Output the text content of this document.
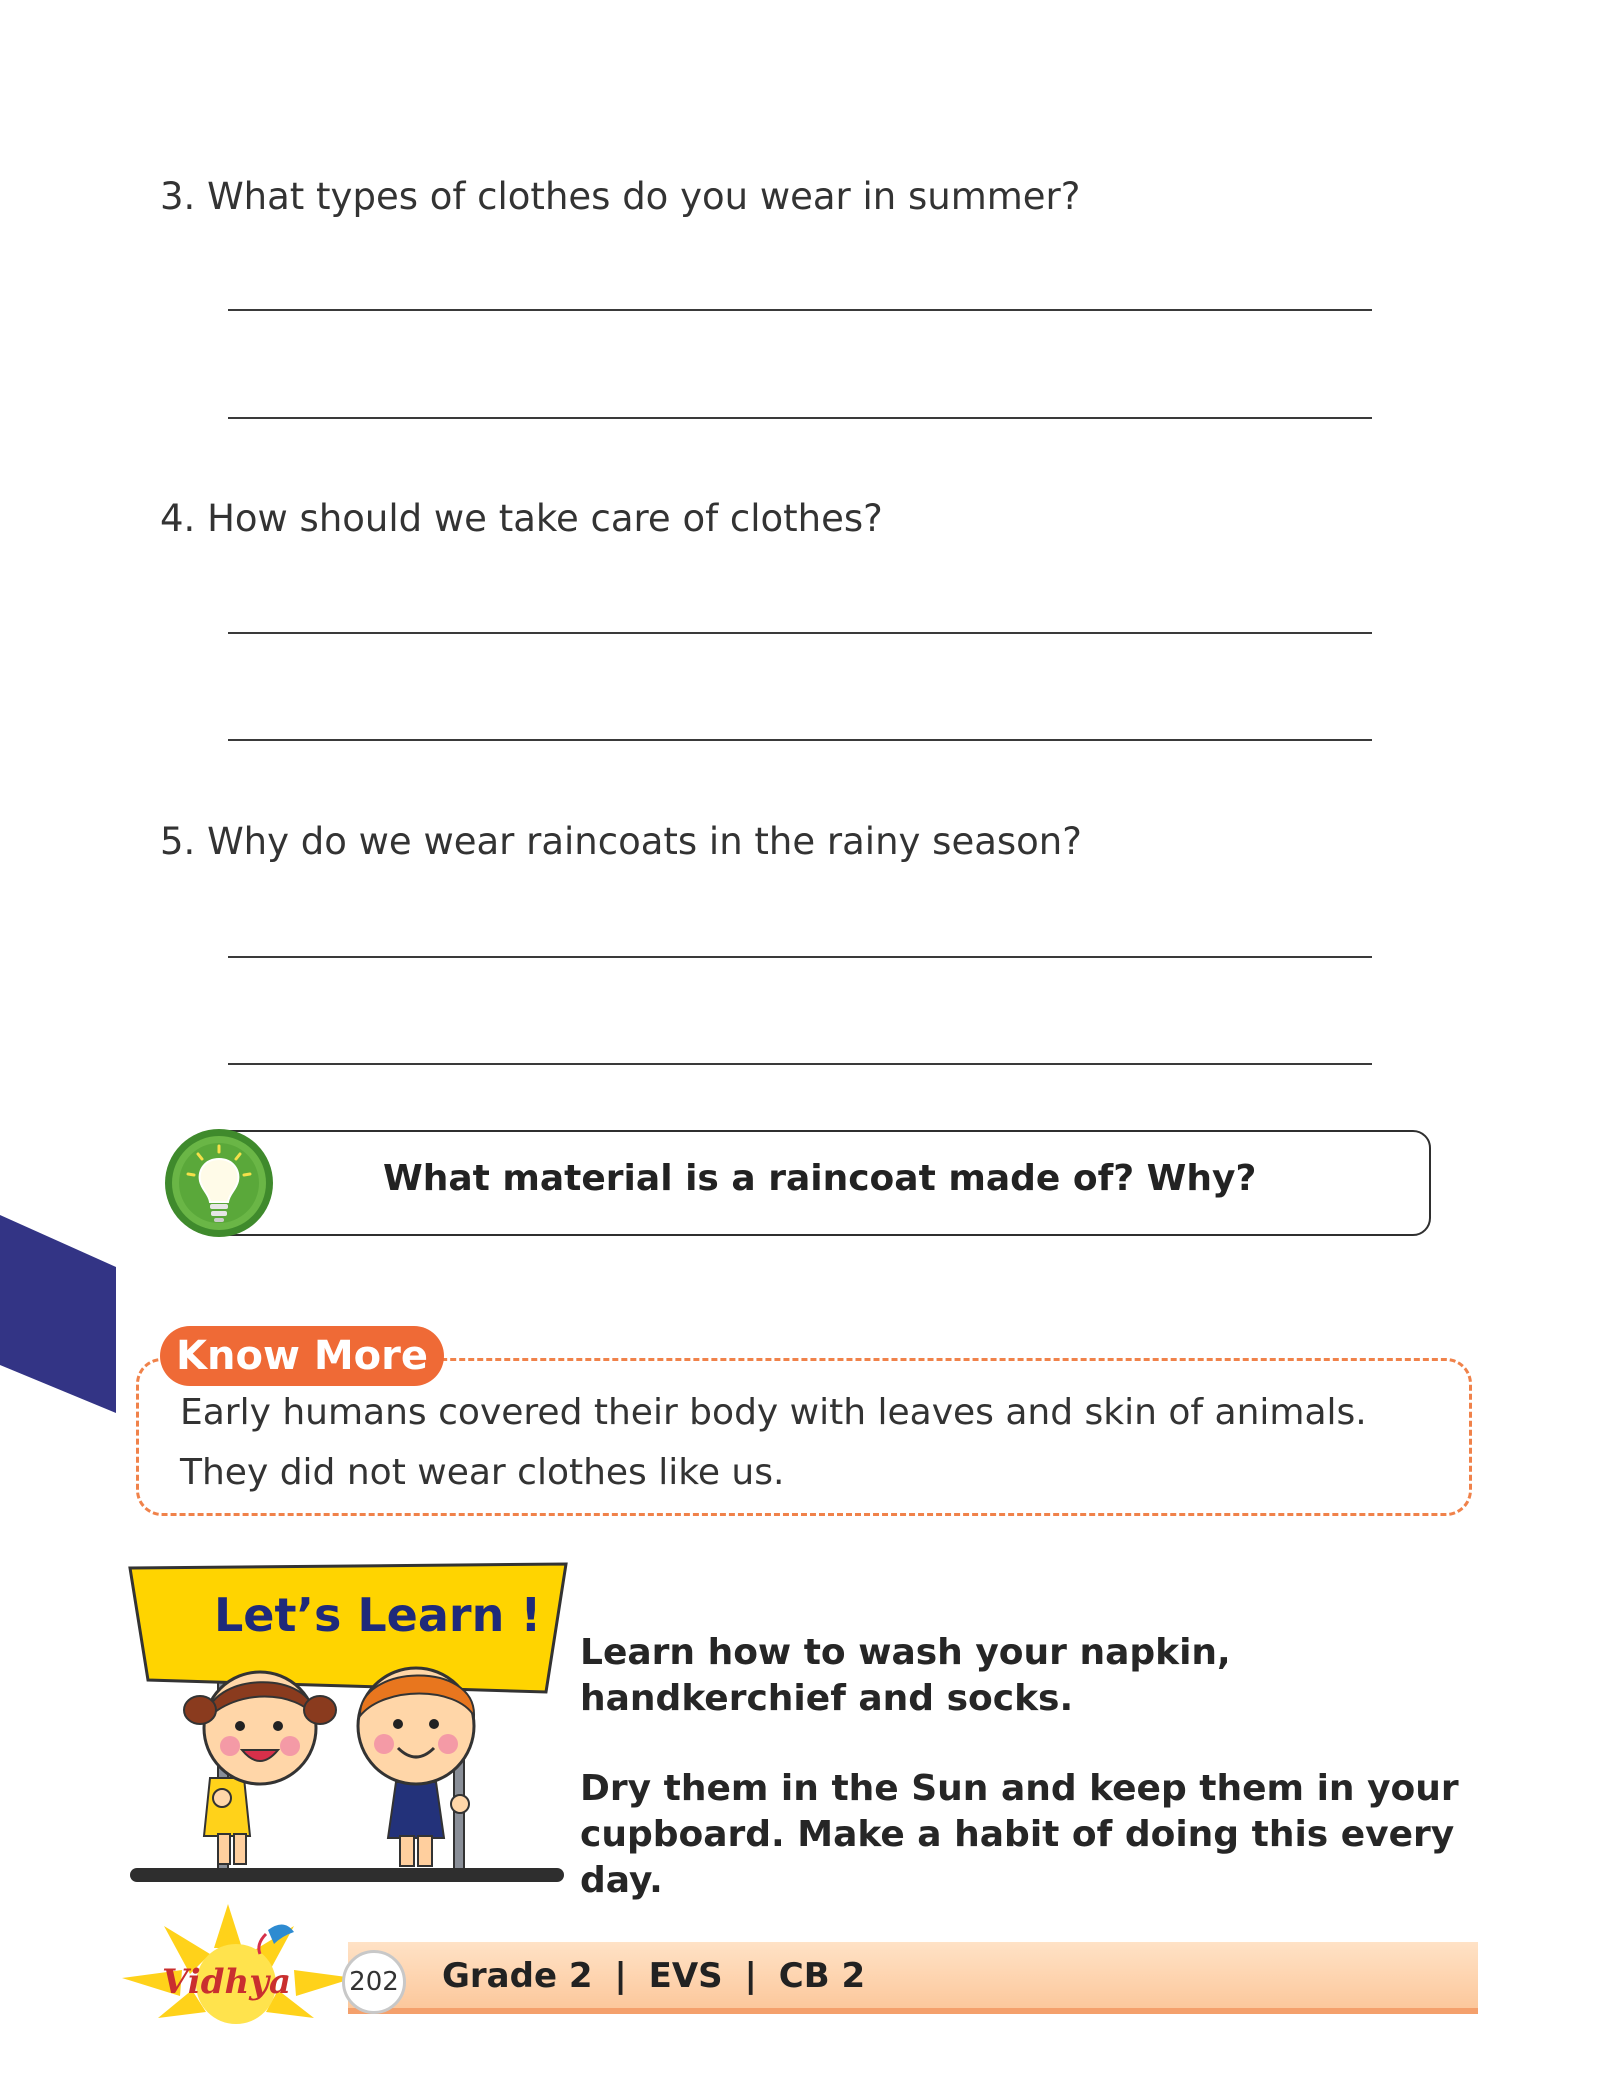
3. What types of clothes do you wear in summer?
4. How should we take care of clothes?
5. Why do we wear raincoats in the rainy season?
What material is a raincoat made of? Why?
Know More
Early humans covered their body with leaves and skin of animals.
They did not wear clothes like us.
Let’s Learn !
Learn how to wash your napkin, handkerchief and socks.
Dry them in the Sun and keep them in your cupboard. Make a habit of doing this every day.
Vidhya 202 Grade 2 | EVS | CB 2
